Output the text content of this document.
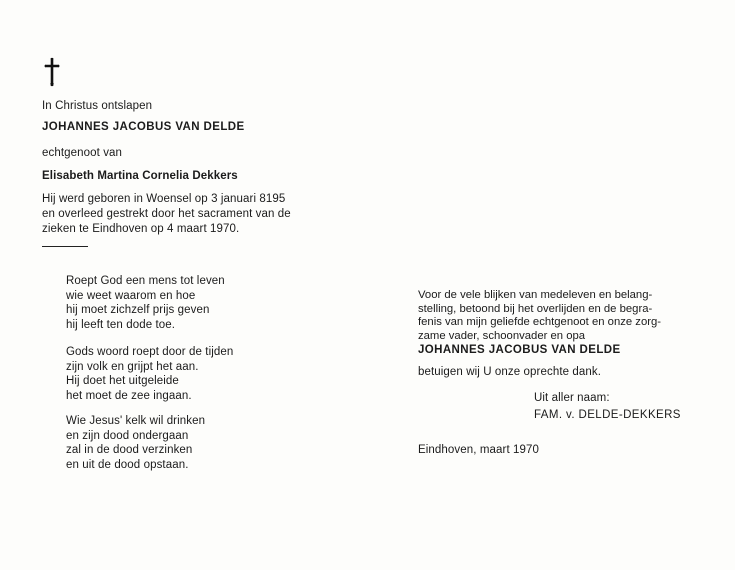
In Christus ontslapen
JOHANNES JACOBUS VAN DELDE
echtgenoot van
Elisabeth Martina Cornelia Dekkers
Hij werd geboren in Woensel op 3 januari 8195
en overleed gestrekt door het sacrament van de
zieken te Eindhoven op 4 maart 1970.
Roept God een mens tot leven
wie weet waarom en hoe
hij moet zichzelf prijs geven
hij leeft ten dode toe.
Gods woord roept door de tijden
zijn volk en grijpt het aan.
Hij doet het uitgeleide
het moet de zee ingaan.
Wie Jesus' kelk wil drinken
en zijn dood ondergaan
zal in de dood verzinken
en uit de dood opstaan.
Voor de vele blijken van medeleven en belang-
stelling, betoond bij het overlijden en de begra-
fenis van mijn geliefde echtgenoot en onze zorg-
zame vader, schoonvader en opa
JOHANNES JACOBUS VAN DELDE
betuigen wij U onze oprechte dank.
Uit aller naam:
FAM. v. DELDE-DEKKERS
Eindhoven, maart 1970
